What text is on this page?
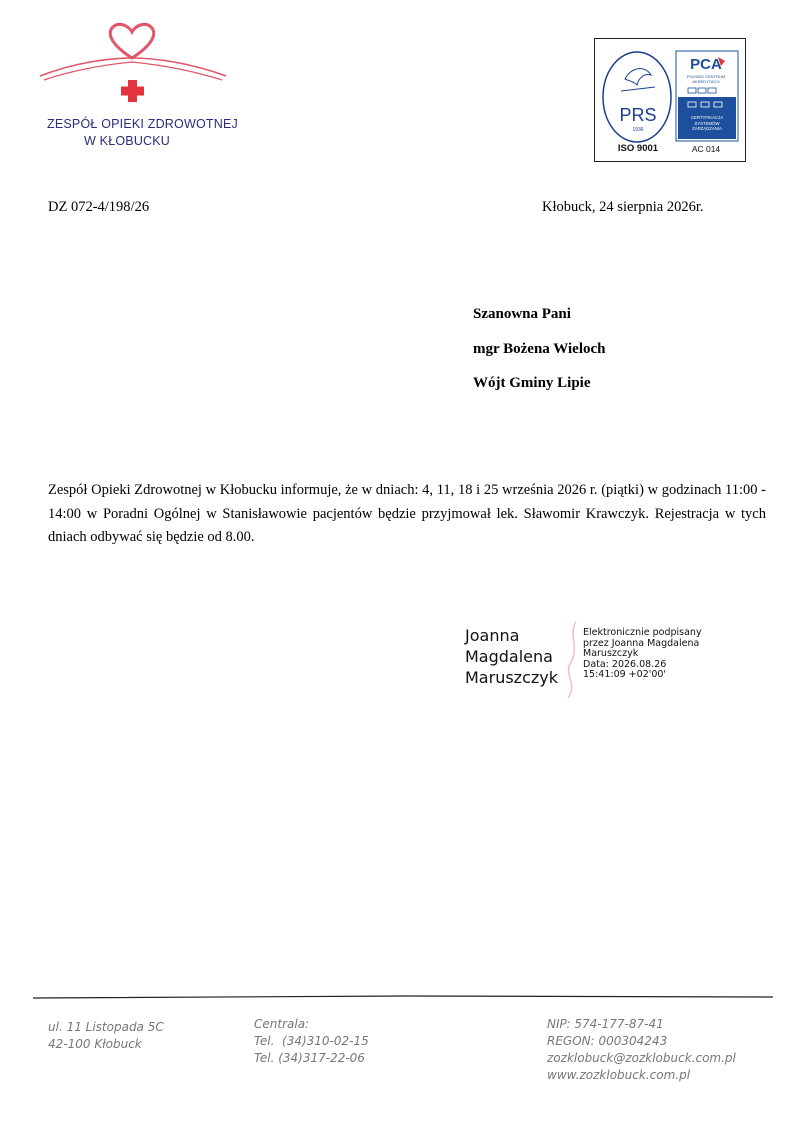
ZESPÓŁ OPIEKI ZDROWOTNEJ
W KŁOBUCKU
PRS
1936
PCA
POLSKIE CENTRUM AKREDYTACJI
CERTYFIKACJA SYSTEMÓW ZARZĄDZANIA
ISO 9001	AC 014
DZ 072-4/198/26	Kłobuck, 24 sierpnia 2026r.
Szanowna Pani
mgr Bożena Wieloch
Wójt Gminy Lipie
Zespół Opieki Zdrowotnej w Kłobucku informuje, że w dniach: 4, 11, 18 i 25 września 2026 r. (piątki) w godzinach 11:00 - 14:00 w Poradni Ogólnej w Stanisławowie pacjentów będzie przyjmował lek. Sławomir Krawczyk. Rejestracja w tych dniach odbywać się będzie od 8.00.
Joanna
Magdalena
Maruszczyk
Elektronicznie podpisany
przez Joanna Magdalena
Maruszczyk
Data: 2026.08.26
15:41:09 +02'00'
ul. 11 Listopada 5C
42-100 Kłobuck
Centrala:
Tel.  (34)310-02-15
Tel. (34)317-22-06
NIP: 574-177-87-41
REGON: 000304243
zozklobuck@zozklobuck.com.pl
www.zozklobuck.com.pl
